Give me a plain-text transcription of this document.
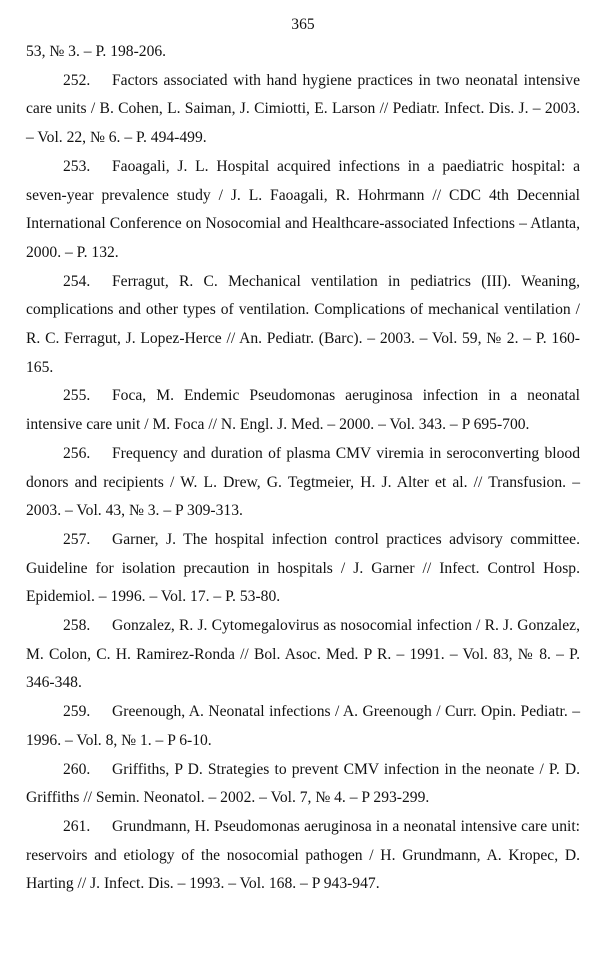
365

53, № 3. – P. 198-206.

252. Factors associated with hand hygiene practices in two neonatal intensive care units / B. Cohen, L. Saiman, J. Cimiotti, E. Larson // Pediatr. Infect. Dis. J. – 2003. – Vol. 22, № 6. – P. 494-499.

253. Faoagali, J. L. Hospital acquired infections in a paediatric hospital: a seven-year prevalence study / J. L. Faoagali, R. Hohrmann // CDC 4th Decennial International Conference on Nosocomial and Healthcare-associated Infections – Atlanta, 2000. – P. 132.

254. Ferragut, R. C. Mechanical ventilation in pediatrics (III). Weaning, complications and other types of ventilation. Complications of mechanical ventilation / R. C. Ferragut, J. Lopez-Herce // An. Pediatr. (Barc). – 2003. – Vol. 59, № 2. – P. 160-165.

255. Foca, M. Endemic Pseudomonas aeruginosa infection in a neonatal intensive care unit / M. Foca // N. Engl. J. Med. – 2000. – Vol. 343. – P 695-700.

256. Frequency and duration of plasma CMV viremia in seroconverting blood donors and recipients / W. L. Drew, G. Tegtmeier, H. J. Alter et al. // Transfusion. – 2003. – Vol. 43, № 3. – P 309-313.

257. Garner, J. The hospital infection control practices advisory committee. Guideline for isolation precaution in hospitals / J. Garner // Infect. Control Hosp. Epidemiol. – 1996. – Vol. 17. – P. 53-80.

258. Gonzalez, R. J. Cytomegalovirus as nosocomial infection / R. J. Gonzalez, M. Colon, C. H. Ramirez-Ronda // Bol. Asoc. Med. P R. – 1991. – Vol. 83, № 8. – P. 346-348.

259. Greenough, A. Neonatal infections / A. Greenough / Curr. Opin. Pediatr. – 1996. – Vol. 8, № 1. – P 6-10.

260. Griffiths, P D. Strategies to prevent CMV infection in the neonate / P. D. Griffiths // Semin. Neonatol. – 2002. – Vol. 7, № 4. – P 293-299.

261. Grundmann, H. Pseudomonas aeruginosa in a neonatal intensive care unit: reservoirs and etiology of the nosocomial pathogen / H. Grundmann, A. Kropec, D. Harting // J. Infect. Dis. – 1993. – Vol. 168. – P 943-947.
